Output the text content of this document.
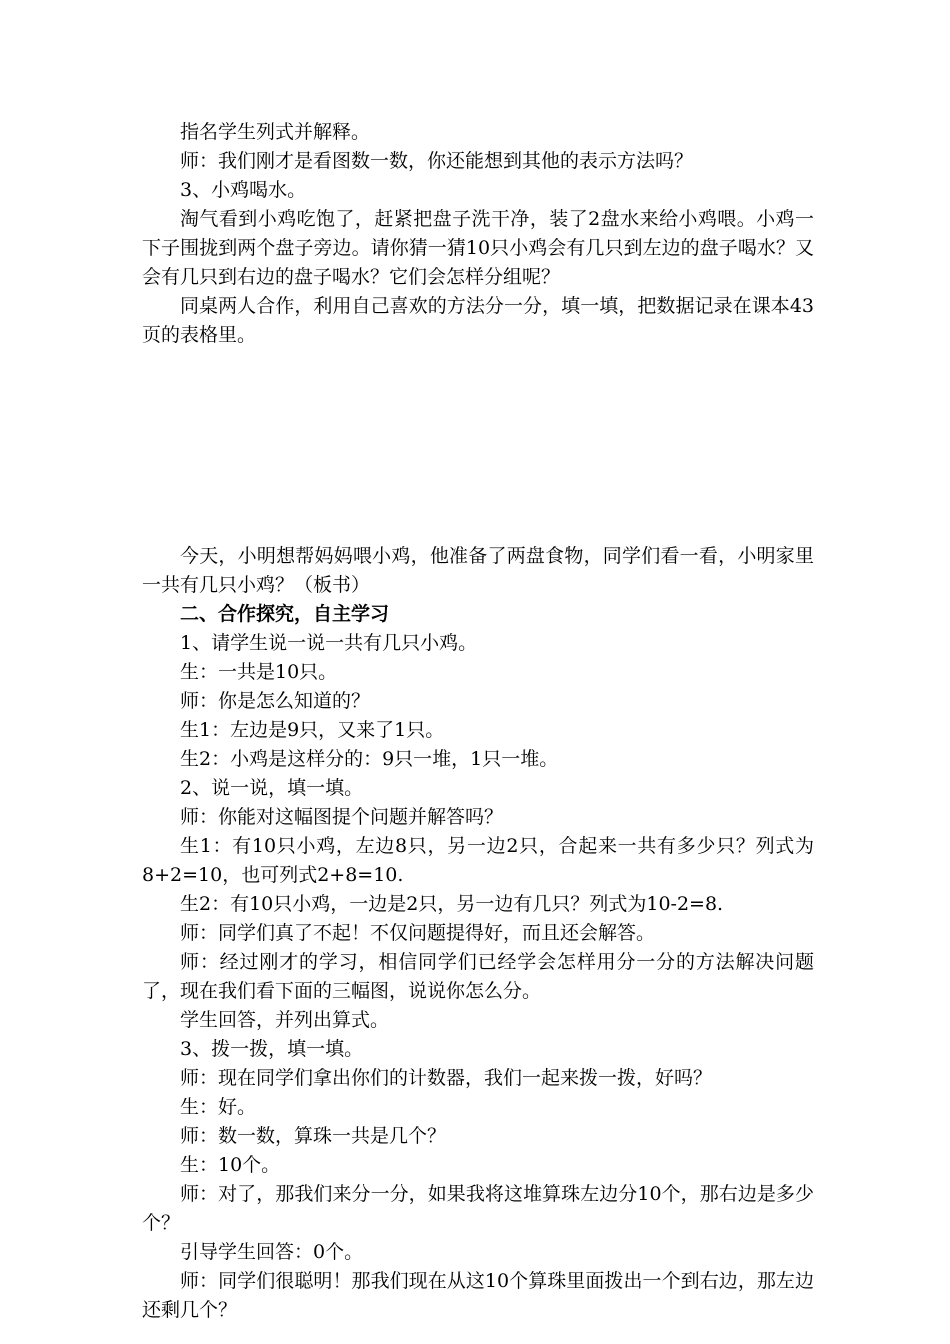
指名学生列式并解释。

师：我们刚才是看图数一数，你还能想到其他的表示方法吗？

3、小鸡喝水。

淘气看到小鸡吃饱了，赶紧把盘子洗干净，装了2盘水来给小鸡喂。小鸡一下子围拢到两个盘子旁边。请你猜一猜10只小鸡会有几只到左边的盘子喝水？又会有几只到右边的盘子喝水？它们会怎样分组呢？

同桌两人合作，利用自己喜欢的方法分一分，填一填，把数据记录在课本43页的表格里。

今天，小明想帮妈妈喂小鸡，他准备了两盘食物，同学们看一看，小明家里一共有几只小鸡？（板书）

二、合作探究，自主学习

1、请学生说一说一共有几只小鸡。

生：一共是10只。

师：你是怎么知道的？

生1：左边是9只，又来了1只。

生2：小鸡是这样分的：9只一堆，1只一堆。

2、说一说，填一填。

师：你能对这幅图提个问题并解答吗？

生1：有10只小鸡，左边8只，另一边2只，合起来一共有多少只？列式为8+2=10，也可列式2+8=10.

生2：有10只小鸡，一边是2只，另一边有几只？列式为10-2=8.

师：同学们真了不起！不仅问题提得好，而且还会解答。

师：经过刚才的学习，相信同学们已经学会怎样用分一分的方法解决问题了，现在我们看下面的三幅图，说说你怎么分。

学生回答，并列出算式。

3、拨一拨，填一填。

师：现在同学们拿出你们的计数器，我们一起来拨一拨，好吗？

生：好。

师：数一数，算珠一共是几个？

生：10个。

师：对了，那我们来分一分，如果我将这堆算珠左边分10个，那右边是多少个？

引导学生回答：0个。

师：同学们很聪明！那我们现在从这10个算珠里面拨出一个到右边，那左边还剩几个？
